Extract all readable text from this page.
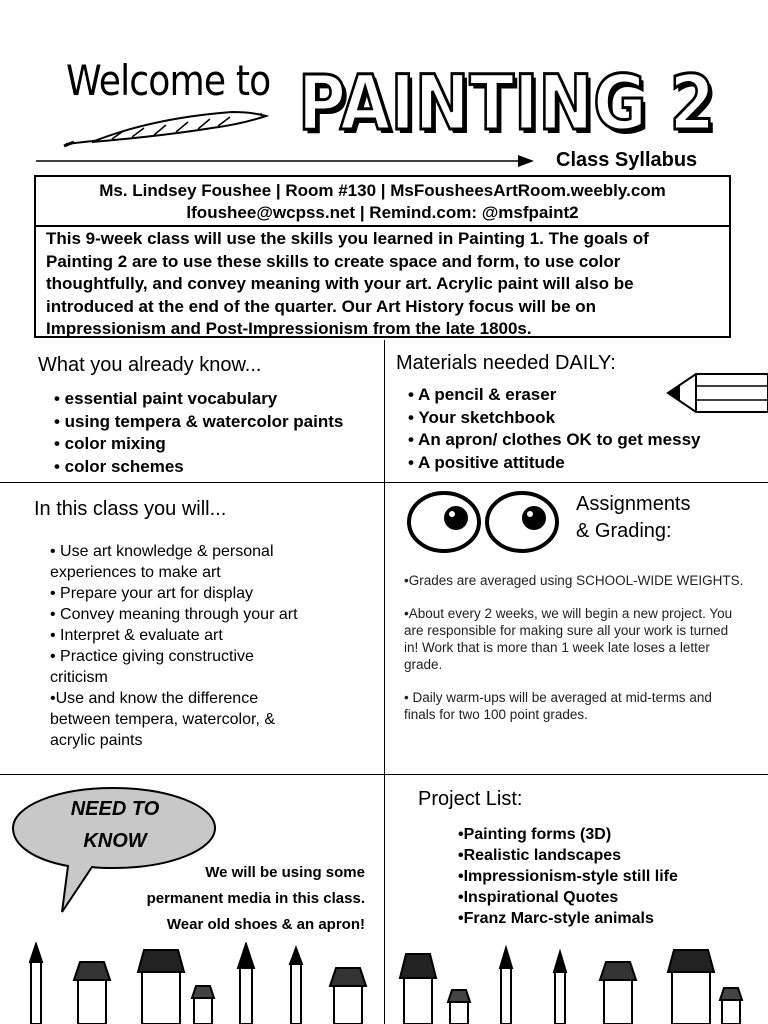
Welcome to PAINTING 2
Class Syllabus
Ms. Lindsey Foushee | Room #130 | MsFousheesArtRoom.weebly.com
lfoushee@wcpss.net | Remind.com: @msfpaint2
This 9-week class will use the skills you learned in Painting 1. The goals of
Painting 2 are to use these skills to create space and form, to use color
thoughtfully, and convey meaning with your art. Acrylic paint will also be
introduced at the end of the quarter. Our Art History focus will be on
Impressionism and Post-Impressionism from the late 1800s.
What you already know...
• essential paint vocabulary
• using tempera & watercolor paints
• color mixing
• color schemes
Materials needed DAILY:
• A pencil & eraser
• Your sketchbook
• An apron/ clothes OK to get messy
• A positive attitude
In this class you will...
• Use art knowledge & personal
experiences to make art
• Prepare your art for display
• Convey meaning through your art
• Interpret & evaluate art
• Practice giving constructive
criticism
•Use and know the difference
between tempera, watercolor, &
acrylic paints
Assignments
& Grading:

•Grades are averaged using SCHOOL-WIDE WEIGHTS.

•About every 2 weeks, we will begin a new project. You are responsible for making sure all your work is turned in! Work that is more than 1 week late loses a letter grade.

• Daily warm-ups will be averaged at mid-terms and finals for two 100 point grades.

NEED TO
KNOW
We will be using some
permanent media in this class.
Wear old shoes & an apron!
Project List:
•Painting forms (3D)
•Realistic landscapes
•Impressionism-style still life
•Inspirational Quotes
•Franz Marc-style animals
